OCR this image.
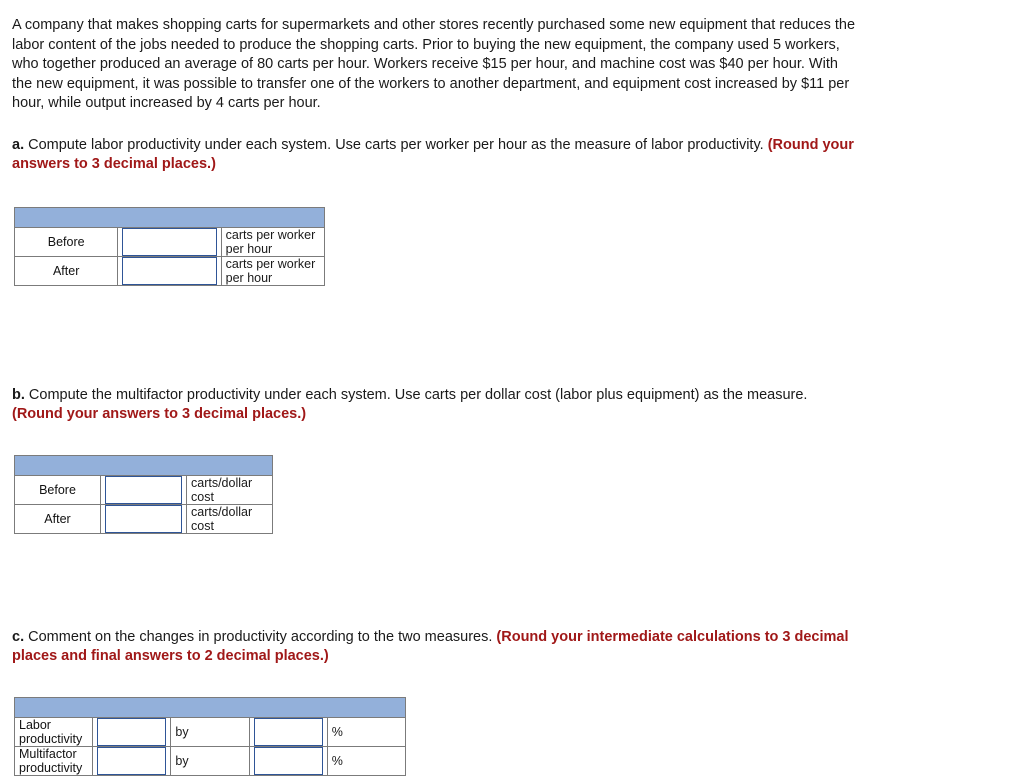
A company that makes shopping carts for supermarkets and other stores recently purchased some new equipment that reduces the labor content of the jobs needed to produce the shopping carts. Prior to buying the new equipment, the company used 5 workers, who together produced an average of 80 carts per hour. Workers receive $15 per hour, and machine cost was $40 per hour. With the new equipment, it was possible to transfer one of the workers to another department, and equipment cost increased by $11 per hour, while output increased by 4 carts per hour.

a. Compute labor productivity under each system. Use carts per worker per hour as the measure of labor productivity. (Round your answers to 3 decimal places.)

Before		carts per worker per hour
After		carts per worker per hour
b. Compute the multifactor productivity under each system. Use carts per dollar cost (labor plus equipment) as the measure. (Round your answers to 3 decimal places.)

Before		carts/dollar cost
After		carts/dollar cost
c. Comment on the changes in productivity according to the two measures. (Round your intermediate calculations to 3 decimal places and final answers to 2 decimal places.)

Labor productivity		by		%
Multifactor productivity		by		%
